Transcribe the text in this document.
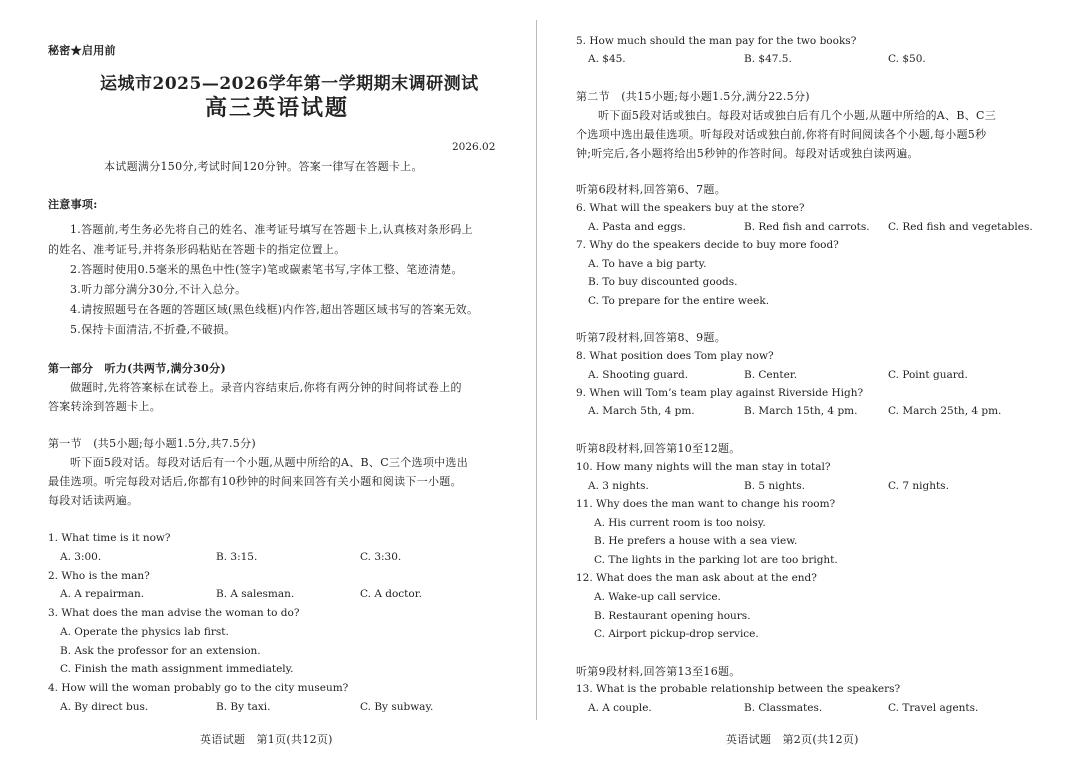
秘密★启用前
运城市2025—2026学年第一学期期末调研测试
高三英语试题
2026.02
本试题满分150分,考试时间120分钟。答案一律写在答题卡上。
注意事项:
1.答题前,考生务必先将自己的姓名、准考证号填写在答题卡上,认真核对条形码上
的姓名、准考证号,并将条形码粘贴在答题卡的指定位置上。
2.答题时使用0.5毫米的黑色中性(签字)笔或碳素笔书写,字体工整、笔迹清楚。
3.听力部分满分30分,不计入总分。
4.请按照题号在各题的答题区域(黑色线框)内作答,超出答题区域书写的答案无效。
5.保持卡面清洁,不折叠,不破损。
第一部分　听力(共两节,满分30分)
做题时,先将答案标在试卷上。录音内容结束后,你将有两分钟的时间将试卷上的
答案转涂到答题卡上。
第一节　(共5小题;每小题1.5分,共7.5分)
听下面5段对话。每段对话后有一个小题,从题中所给的A、B、C三个选项中选出
最佳选项。听完每段对话后,你都有10秒钟的时间来回答有关小题和阅读下一小题。
每段对话读两遍。
1. What time is it now?
A. 3:00.	B. 3:15.	C. 3:30.
2. Who is the man?
A. A repairman.	B. A salesman.	C. A doctor.
3. What does the man advise the woman to do?
A. Operate the physics lab first.
B. Ask the professor for an extension.
C. Finish the math assignment immediately.
4. How will the woman probably go to the city museum?
A. By direct bus.	B. By taxi.	C. By subway.
英语试题　第1页(共12页)
5. How much should the man pay for the two books?
A. $45.	B. $47.5.	C. $50.
第二节　(共15小题;每小题1.5分,满分22.5分)
听下面5段对话或独白。每段对话或独白后有几个小题,从题中所给的A、B、C三
个选项中选出最佳选项。听每段对话或独白前,你将有时间阅读各个小题,每小题5秒
钟;听完后,各小题将给出5秒钟的作答时间。每段对话或独白读两遍。
听第6段材料,回答第6、7题。
6. What will the speakers buy at the store?
A. Pasta and eggs.	B. Red fish and carrots. C. Red fish and vegetables.
7. Why do the speakers decide to buy more food?
A. To have a big party.
B. To buy discounted goods.
C. To prepare for the entire week.
听第7段材料,回答第8、9题。
8. What position does Tom play now?
A. Shooting guard.	B. Center.	C. Point guard.
9. When will Tom’s team play against Riverside High?
A. March 5th, 4 pm.	B. March 15th, 4 pm.	C. March 25th, 4 pm.
听第8段材料,回答第10至12题。
10. How many nights will the man stay in total?
A. 3 nights.	B. 5 nights.	C. 7 nights.
11. Why does the man want to change his room?
A. His current room is too noisy.
B. He prefers a house with a sea view.
C. The lights in the parking lot are too bright.
12. What does the man ask about at the end?
A. Wake-up call service.
B. Restaurant opening hours.
C. Airport pickup-drop service.
听第9段材料,回答第13至16题。
13. What is the probable relationship between the speakers?
A. A couple.	B. Classmates.	C. Travel agents.
英语试题　第2页(共12页)
